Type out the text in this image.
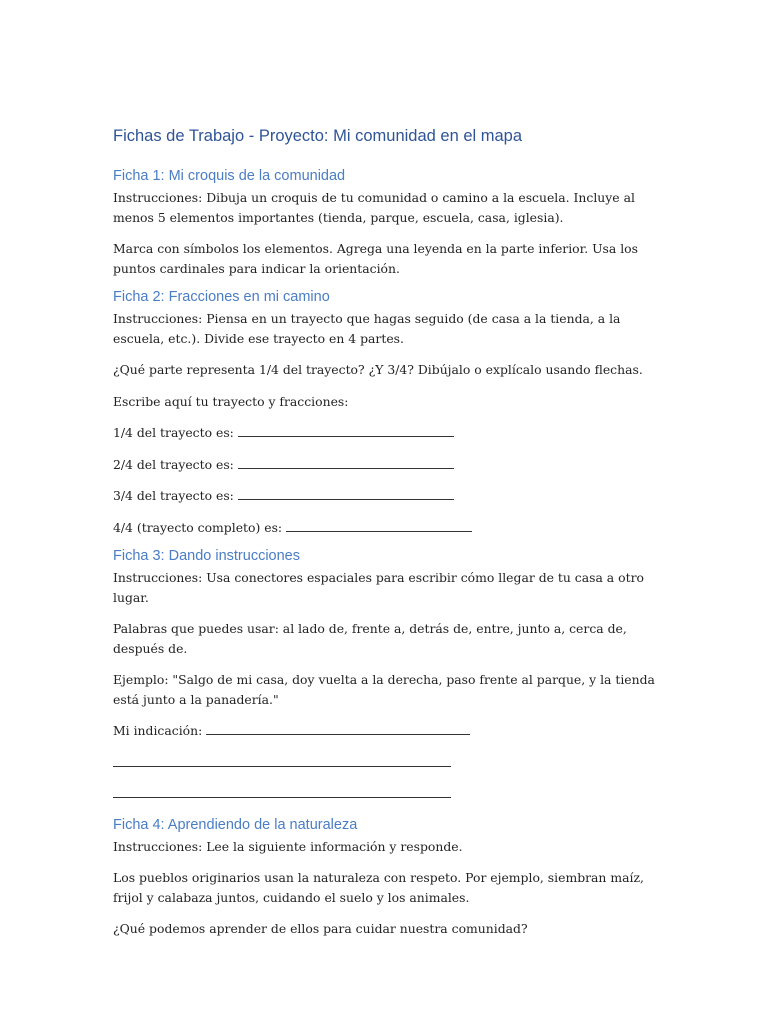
Fichas de Trabajo - Proyecto: Mi comunidad en el mapa
Ficha 1: Mi croquis de la comunidad

Instrucciones: Dibuja un croquis de tu comunidad o camino a la escuela. Incluye al menos 5 elementos importantes (tienda, parque, escuela, casa, iglesia).

Marca con símbolos los elementos. Agrega una leyenda en la parte inferior. Usa los puntos cardinales para indicar la orientación.

Ficha 2: Fracciones en mi camino

Instrucciones: Piensa en un trayecto que hagas seguido (de casa a la tienda, a la escuela, etc.). Divide ese trayecto en 4 partes.

¿Qué parte representa 1/4 del trayecto? ¿Y 3/4? Dibújalo o explícalo usando flechas.

Escribe aquí tu trayecto y fracciones:

1/4 del trayecto es:

2/4 del trayecto es:

3/4 del trayecto es:

4/4 (trayecto completo) es:

Ficha 3: Dando instrucciones

Instrucciones: Usa conectores espaciales para escribir cómo llegar de tu casa a otro lugar.

Palabras que puedes usar: al lado de, frente a, detrás de, entre, junto a, cerca de, después de.

Ejemplo: "Salgo de mi casa, doy vuelta a la derecha, paso frente al parque, y la tienda está junto a la panadería."

Mi indicación:

Ficha 4: Aprendiendo de la naturaleza

Instrucciones: Lee la siguiente información y responde.

Los pueblos originarios usan la naturaleza con respeto. Por ejemplo, siembran maíz, frijol y calabaza juntos, cuidando el suelo y los animales.

¿Qué podemos aprender de ellos para cuidar nuestra comunidad?
